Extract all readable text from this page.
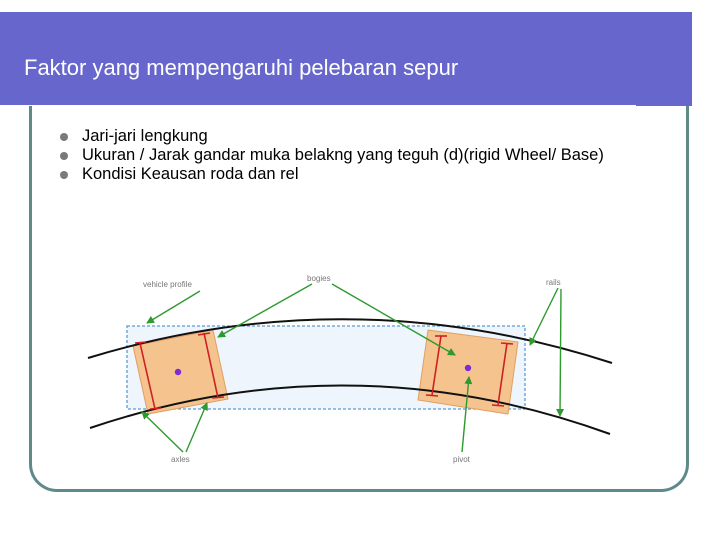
Faktor yang mempengaruhi pelebaran sepur
Jari-jari lengkung
Ukuran / Jarak gandar muka belakng yang teguh (d)(rigid Wheel/ Base)
Kondisi Keausan roda dan rel
vehicle profile
bogies	rails
axles	pivot
